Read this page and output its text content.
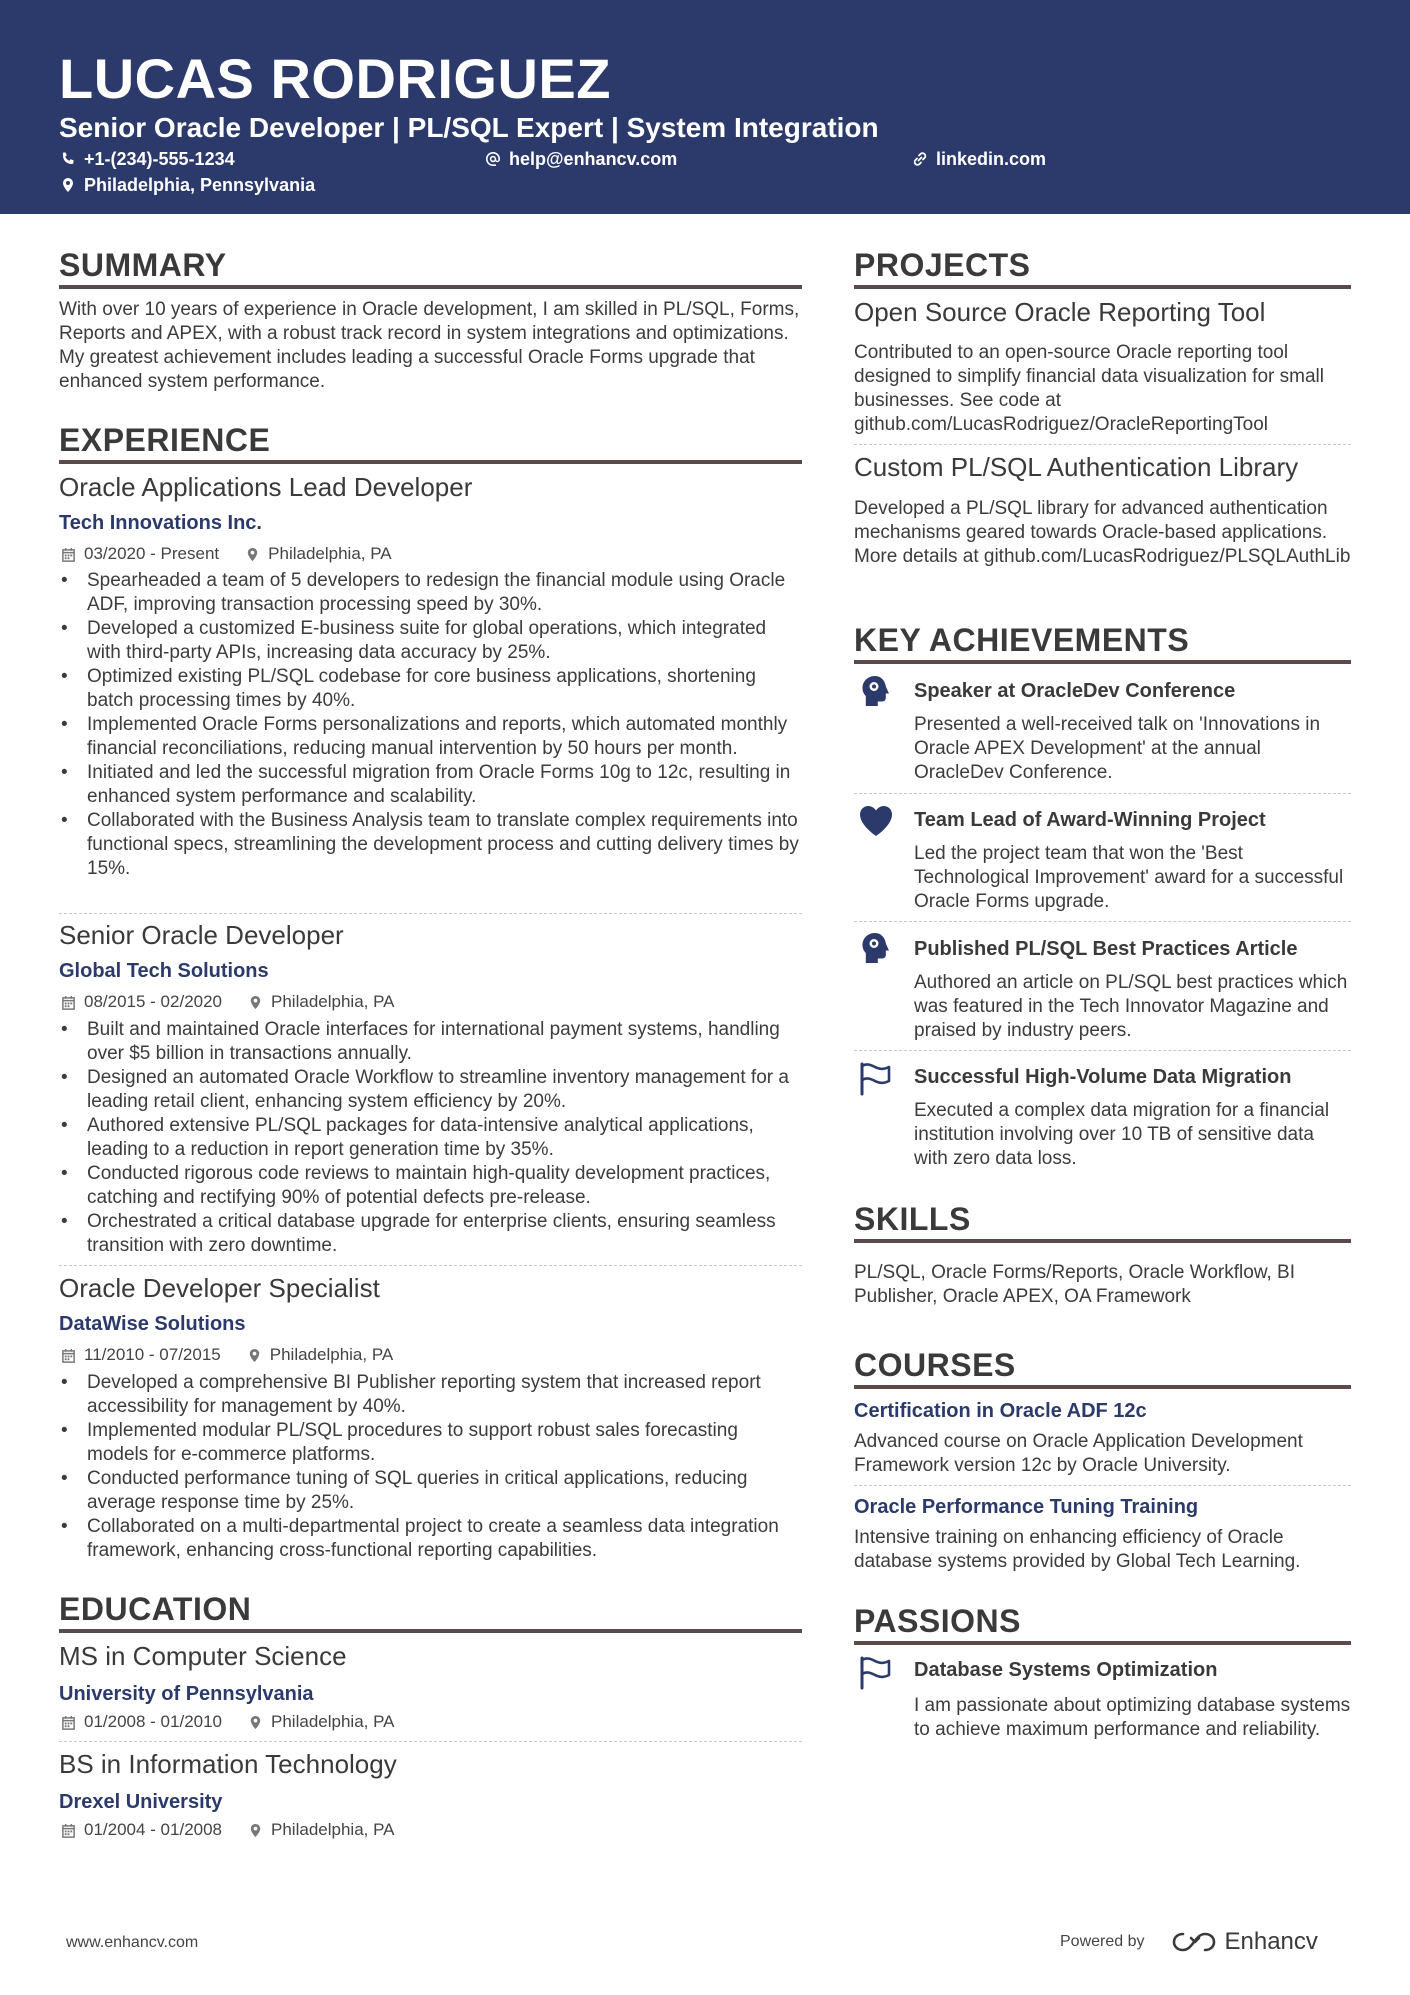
LUCAS RODRIGUEZ
Senior Oracle Developer | PL/SQL Expert | System Integration
+1-(234)-555-1234	help@enhancv.com	linkedin.com
Philadelphia, Pennsylvania
SUMMARY
With over 10 years of experience in Oracle development, I am skilled in PL/SQL, Forms, Reports and APEX, with a robust track record in system integrations and optimizations. My greatest achievement includes leading a successful Oracle Forms upgrade that enhanced system performance.
EXPERIENCE
Oracle Applications Lead Developer
Tech Innovations Inc.
03/2020 - Present	Philadelphia, PA
• Spearheaded a team of 5 developers to redesign the financial module using Oracle ADF, improving transaction processing speed by 30%.
• Developed a customized E-business suite for global operations, which integrated with third-party APIs, increasing data accuracy by 25%.
• Optimized existing PL/SQL codebase for core business applications, shortening batch processing times by 40%.
• Implemented Oracle Forms personalizations and reports, which automated monthly financial reconciliations, reducing manual intervention by 50 hours per month.
• Initiated and led the successful migration from Oracle Forms 10g to 12c, resulting in enhanced system performance and scalability.
• Collaborated with the Business Analysis team to translate complex requirements into functional specs, streamlining the development process and cutting delivery times by 15%.
Senior Oracle Developer
Global Tech Solutions
08/2015 - 02/2020	Philadelphia, PA
• Built and maintained Oracle interfaces for international payment systems, handling over $5 billion in transactions annually.
• Designed an automated Oracle Workflow to streamline inventory management for a leading retail client, enhancing system efficiency by 20%.
• Authored extensive PL/SQL packages for data-intensive analytical applications, leading to a reduction in report generation time by 35%.
• Conducted rigorous code reviews to maintain high-quality development practices, catching and rectifying 90% of potential defects pre-release.
• Orchestrated a critical database upgrade for enterprise clients, ensuring seamless transition with zero downtime.
Oracle Developer Specialist
DataWise Solutions
11/2010 - 07/2015	Philadelphia, PA
• Developed a comprehensive BI Publisher reporting system that increased report accessibility for management by 40%.
• Implemented modular PL/SQL procedures to support robust sales forecasting models for e-commerce platforms.
• Conducted performance tuning of SQL queries in critical applications, reducing average response time by 25%.
• Collaborated on a multi-departmental project to create a seamless data integration framework, enhancing cross-functional reporting capabilities.
EDUCATION
MS in Computer Science
University of Pennsylvania
01/2008 - 01/2010	Philadelphia, PA
BS in Information Technology
Drexel University
01/2004 - 01/2008	Philadelphia, PA
PROJECTS
Open Source Oracle Reporting Tool
Contributed to an open-source Oracle reporting tool designed to simplify financial data visualization for small businesses. See code at github.com/LucasRodriguez/OracleReportingTool
Custom PL/SQL Authentication Library
Developed a PL/SQL library for advanced authentication mechanisms geared towards Oracle-based applications. More details at github.com/LucasRodriguez/PLSQLAuthLib
KEY ACHIEVEMENTS
Speaker at OracleDev Conference
Presented a well-received talk on 'Innovations in Oracle APEX Development' at the annual OracleDev Conference.
Team Lead of Award-Winning Project
Led the project team that won the 'Best Technological Improvement' award for a successful Oracle Forms upgrade.
Published PL/SQL Best Practices Article
Authored an article on PL/SQL best practices which was featured in the Tech Innovator Magazine and praised by industry peers.
Successful High-Volume Data Migration
Executed a complex data migration for a financial institution involving over 10 TB of sensitive data with zero data loss.
SKILLS
PL/SQL, Oracle Forms/Reports, Oracle Workflow, BI Publisher, Oracle APEX, OA Framework
COURSES
Certification in Oracle ADF 12c
Advanced course on Oracle Application Development Framework version 12c by Oracle University.
Oracle Performance Tuning Training
Intensive training on enhancing efficiency of Oracle database systems provided by Global Tech Learning.
PASSIONS
Database Systems Optimization
I am passionate about optimizing database systems to achieve maximum performance and reliability.
www.enhancv.com	Powered by	Enhancv
